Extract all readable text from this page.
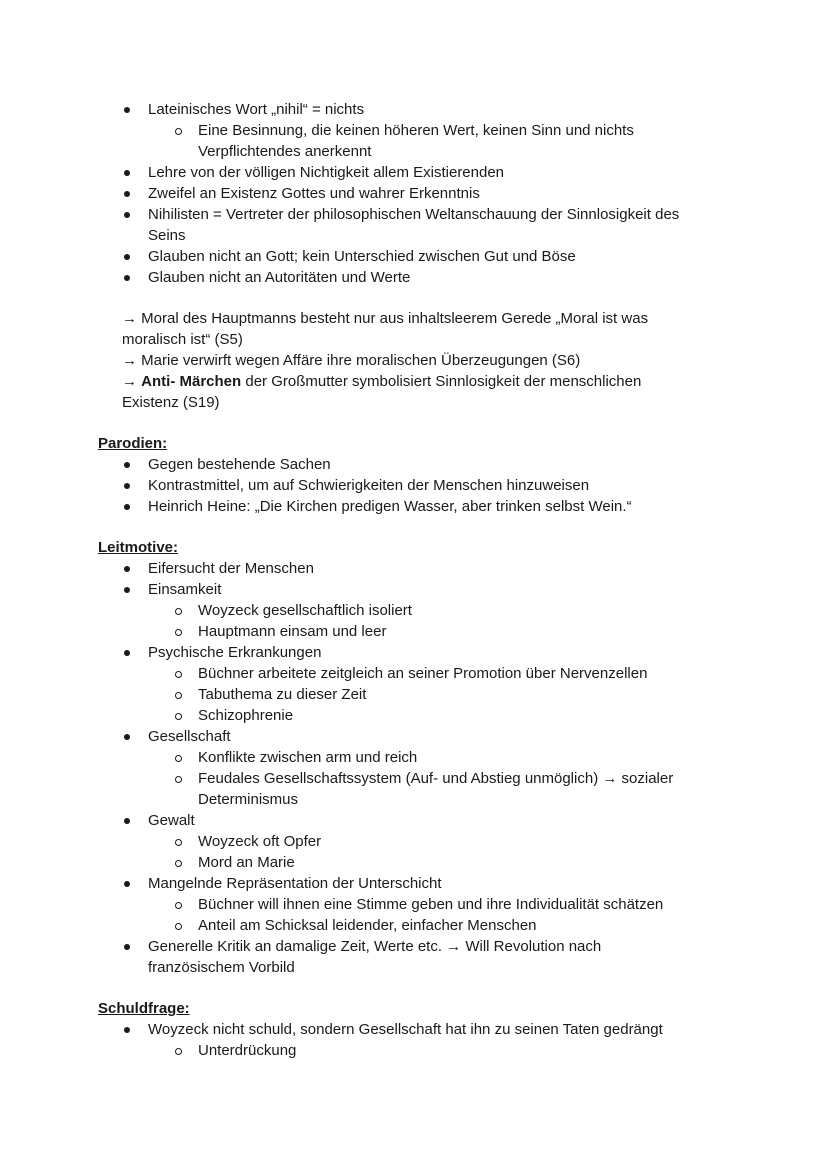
Lateinisches Wort „nihil“ = nichts
Eine Besinnung, die keinen höheren Wert, keinen Sinn und nichts
Verpflichtendes anerkennt
Lehre von der völligen Nichtigkeit allem Existierenden
Zweifel an Existenz Gottes und wahrer Erkenntnis
Nihilisten = Vertreter der philosophischen Weltanschauung der Sinnlosigkeit des
Seins
Glauben nicht an Gott; kein Unterschied zwischen Gut und Böse
Glauben nicht an Autoritäten und Werte
→ Moral des Hauptmanns besteht nur aus inhaltsleerem Gerede „Moral ist was
moralisch ist“ (S5)
→ Marie verwirft wegen Affäre ihre moralischen Überzeugungen (S6)
→ Anti- Märchen der Großmutter symbolisiert Sinnlosigkeit der menschlichen
Existenz (S19)
Parodien:
Gegen bestehende Sachen
Kontrastmittel, um auf Schwierigkeiten der Menschen hinzuweisen
Heinrich Heine: „Die Kirchen predigen Wasser, aber trinken selbst Wein.“
Leitmotive:
Eifersucht der Menschen
Einsamkeit
Woyzeck gesellschaftlich isoliert
Hauptmann einsam und leer
Psychische Erkrankungen
Büchner arbeitete zeitgleich an seiner Promotion über Nervenzellen
Tabuthema zu dieser Zeit
Schizophrenie
Gesellschaft
Konflikte zwischen arm und reich
Feudales Gesellschaftssystem (Auf- und Abstieg unmöglich) → sozialer
Determinismus
Gewalt
Woyzeck oft Opfer
Mord an Marie
Mangelnde Repräsentation der Unterschicht
Büchner will ihnen eine Stimme geben und ihre Individualität schätzen
Anteil am Schicksal leidender, einfacher Menschen
Generelle Kritik an damalige Zeit, Werte etc. → Will Revolution nach
französischem Vorbild
Schuldfrage:
Woyzeck nicht schuld, sondern Gesellschaft hat ihn zu seinen Taten gedrängt
Unterdrückung
